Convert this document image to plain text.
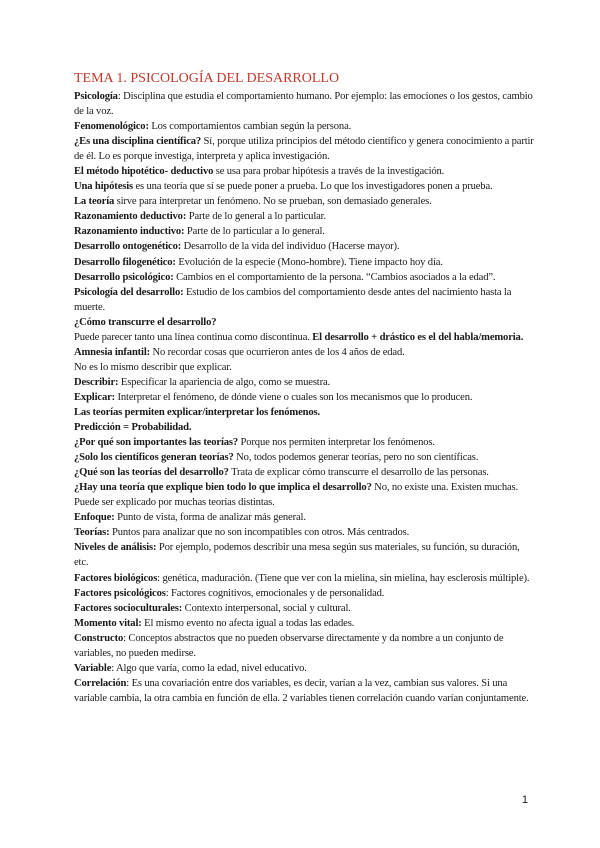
TEMA 1. PSICOLOGÍA DEL DESARROLLO

Psicología: Disciplina que estudia el comportamiento humano. Por ejemplo: las emociones o los gestos, cambio de la voz.

Fenomenológico: Los comportamientos cambian según la persona.

¿Es una disciplina científica? Sí, porque utiliza principios del método científico y genera conocimiento a partir de él. Lo es porque investiga, interpreta y aplica investigación.

El método hipotético- deductivo se usa para probar hipótesis a través de la investigación.

Una hipótesis es una teoría que sí se puede poner a prueba. Lo que los investigadores ponen a prueba.

La teoría sirve para interpretar un fenómeno. No se prueban, son demasiado generales.

Razonamiento deductivo: Parte de lo general a lo particular.

Razonamiento inductivo: Parte de lo particular a lo general.

Desarrollo ontogenético: Desarrollo de la vida del individuo (Hacerse mayor).

Desarrollo filogenético: Evolución de la especie (Mono-hombre). Tiene impacto hoy día.

Desarrollo psicológico: Cambios en el comportamiento de la persona. “Cambios asociados a la edad”.

Psicología del desarrollo: Estudio de los cambios del comportamiento desde antes del nacimiento hasta la muerte.

¿Cómo transcurre el desarrollo?

Puede parecer tanto una línea continua como discontinua. El desarrollo + drástico es el del habla/memoria.

Amnesia infantil: No recordar cosas que ocurrieron antes de los 4 años de edad.

No es lo mismo describir que explicar.

Describir: Especificar la apariencia de algo, como se muestra.

Explicar: Interpretar el fenómeno, de dónde viene o cuales son los mecanismos que lo producen.

Las teorías permiten explicar/interpretar los fenómenos.

Predicción = Probabilidad.

¿Por qué son importantes las teorías? Porque nos permiten interpretar los fenómenos.

¿Solo los científicos generan teorías? No, todos podemos generar teorías, pero no son científicas.

¿Qué son las teorías del desarrollo? Trata de explicar cómo transcurre el desarrollo de las personas.

¿Hay una teoría que explique bien todo lo que implica el desarrollo? No, no existe una. Existen muchas. Puede ser explicado por muchas teorías distintas.

Enfoque: Punto de vista, forma de analizar más general.

Teorías: Puntos para analizar que no son incompatibles con otros. Más centrados.

Niveles de análisis: Por ejemplo, podemos describir una mesa según sus materiales, su función, su duración, etc.

Factores biológicos: genética, maduración. (Tiene que ver con la mielina, sin mielina, hay esclerosis múltiple).

Factores psicológicos: Factores cognitivos, emocionales y de personalidad.

Factores socioculturales: Contexto interpersonal, social y cultural.

Momento vital: El mismo evento no afecta igual a todas las edades.

Constructo: Conceptos abstractos que no pueden observarse directamente y da nombre a un conjunto de variables, no pueden medirse.

Variable: Algo que varía, como la edad, nivel educativo.

Correlación: Es una covariación entre dos variables, es decir, varían a la vez, cambian sus valores. Si una variable cambia, la otra cambia en función de ella. 2 variables tienen correlación cuando varían conjuntamente.

1
